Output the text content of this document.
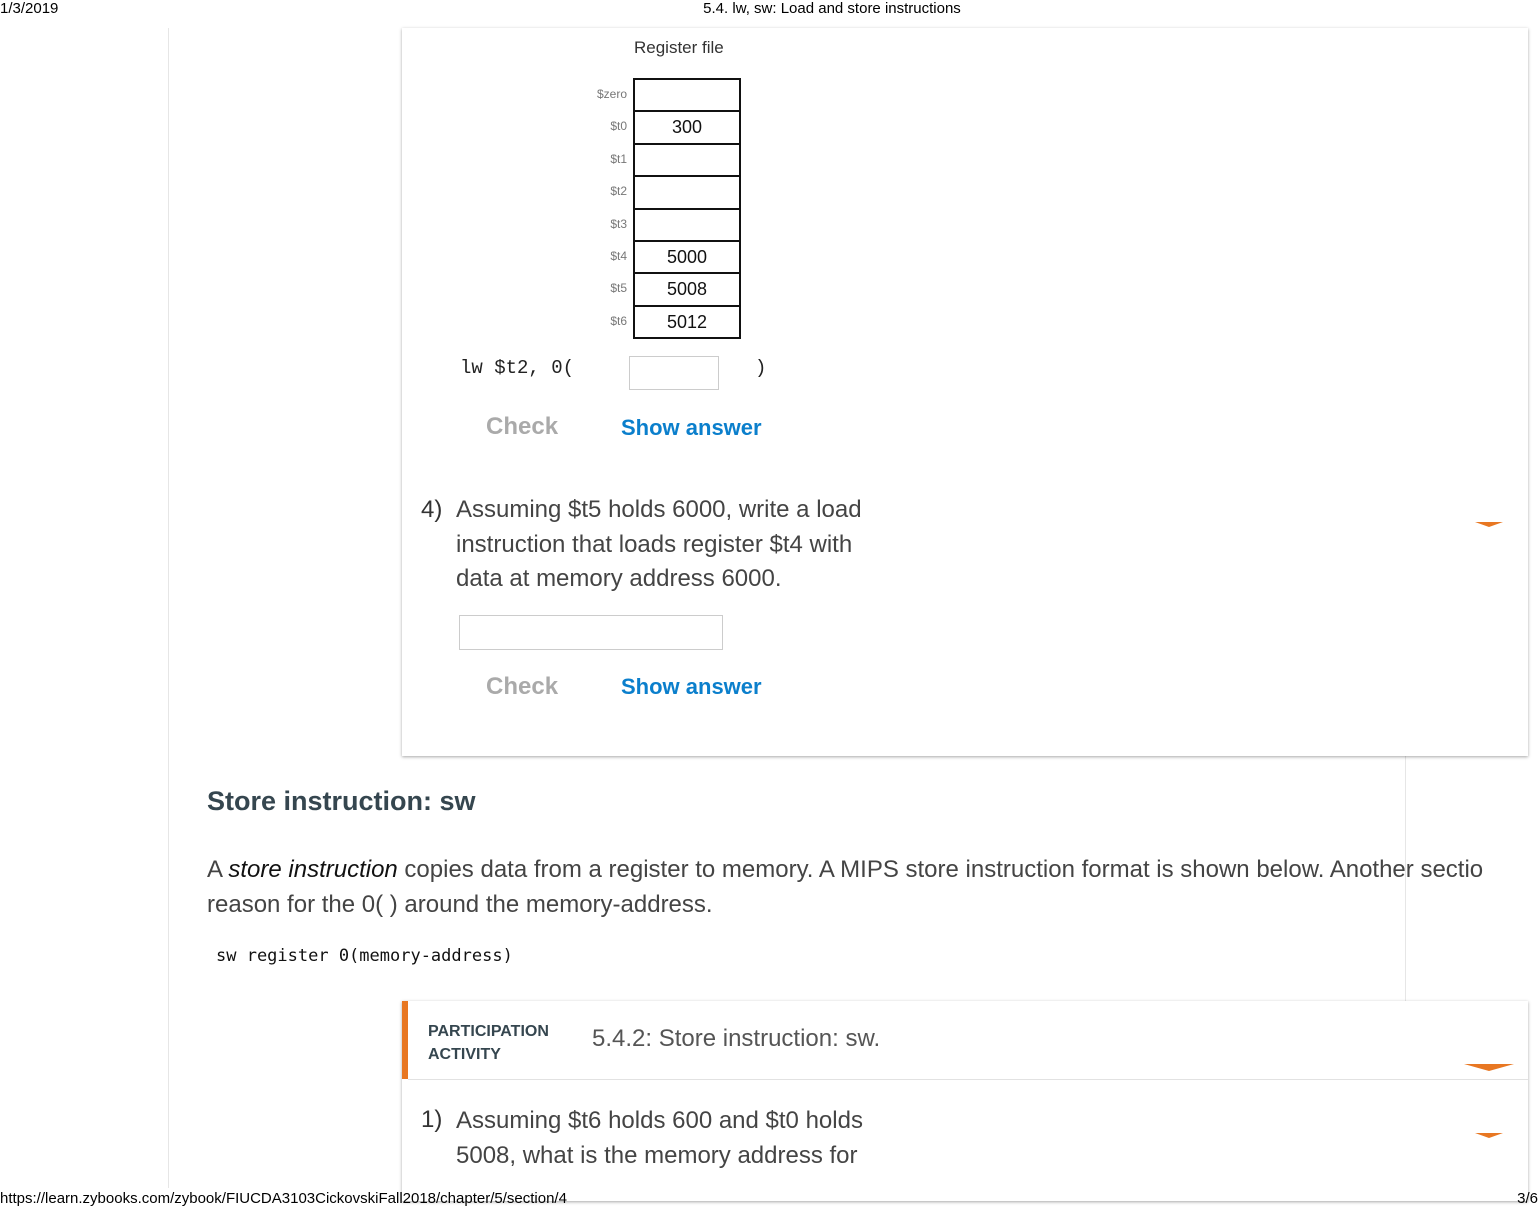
1/3/2019	5.4. lw, sw: Load and store instructions
Register file
$zero
$t0	300
$t1
$t2
$t3
$t4	5000
$t5	5008
$t6	5012
lw $t2, 0(	)
Check	Show answer
4) Assuming $t5 holds 6000, write a load
instruction that loads register $t4 with
data at memory address 6000.
Check	Show answer
Store instruction: sw
A store instruction copies data from a register to memory. A MIPS store instruction format is shown below. Another sectio
reason for the 0( ) around the memory-address.
sw register 0(memory-address)
PARTICIPATION
ACTIVITY
5.4.2: Store instruction: sw.
1) Assuming $t6 holds 600 and $t0 holds
5008, what is the memory address for
https://learn.zybooks.com/zybook/FIUCDA3103CickovskiFall2018/chapter/5/section/4	3/6
